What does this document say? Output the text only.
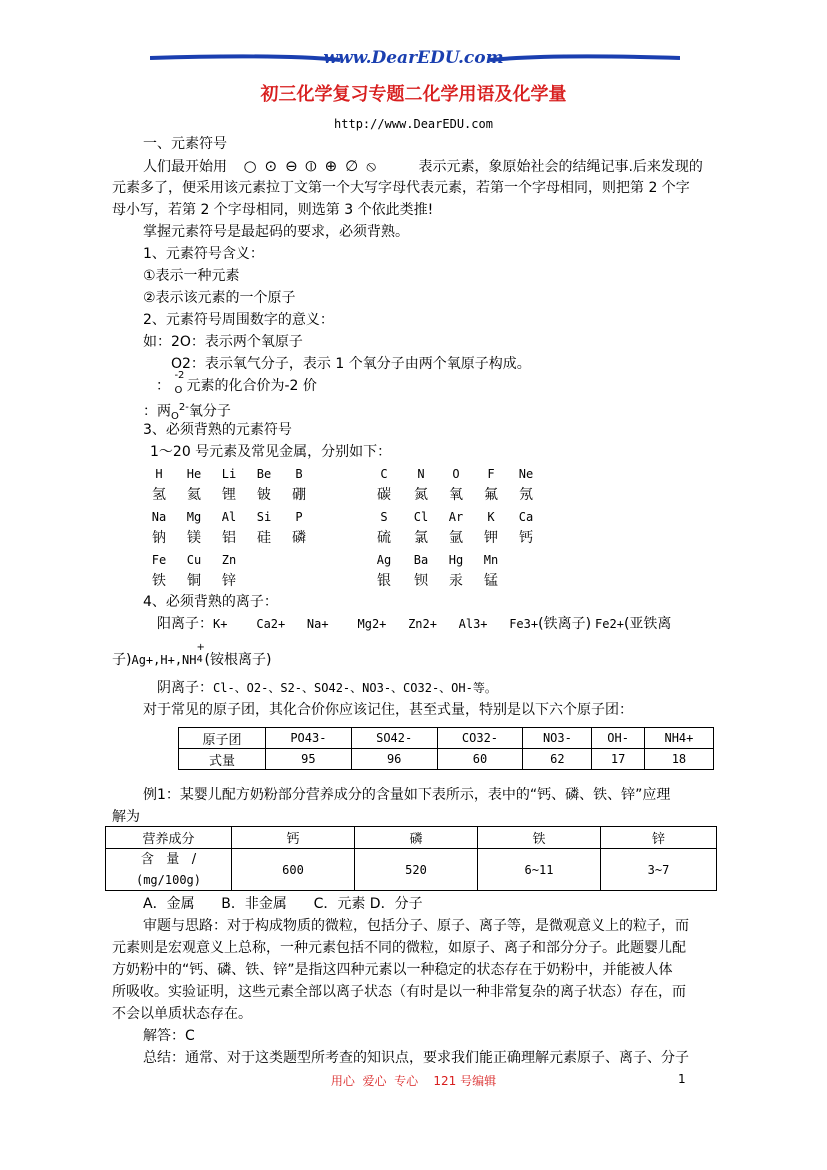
www.DearEDU.com
初三化学复习专题二化学用语及化学量
http://www.DearEDU.com
一、元素符号
人们最开始用 ○⊙⊖⦶⊕∅⦸ 表示元素，象原始社会的结绳记事.后来发现的
元素多了，便采用该元素拉丁文第一个大写字母代表元素，若第一个字母相同，则把第 2 个字
母小写，若第 2 个字母相同，则选第 3 个依此类推!
掌握元素符号是最起码的要求，必须背熟。
1、元素符号含义：
①表示一种元素
②表示该元素的一个原子
2、元素符号周围数字的意义：
如：2O：表示两个氧原子
O2：表示氧气分子，表示 1 个氧分子由两个氧原子构成。
：
-2
$_O$ 元素的化合价为-2 价
：两$_O^{2-}$氧分子
3、必须背熟的元素符号
1～20 号元素及常见金属，分别如下：
H	He	Li	Be	B	C	N	O	F	Ne
氢	氦	锂	铍	硼	碳	氮	氧	氟	氖
Na	Mg	Al	Si	P	S	Cl	Ar	K	Ca
钠	镁	铝	硅	磷	硫	氯	氩	钾	钙
Fe	Cu	Zn	Ag	Ba	Hg	Mn
铁	铜	锌	银	钡	汞	锰
4、必须背熟的离子：
阳离子：K+    Ca2+   Na+    Mg2+   Zn2+   Al3+   Fe3+(铁离子) Fe2+(亚铁离
子)Ag+,H+,NH
+
4 (铵根离子)
阴离子：Cl-、O2-、S2-、SO42-、NO3-、CO32-、OH-等。
对于常见的原子团，其化合价你应该记住，甚至式量，特别是以下六个原子团：
原子团	PO43-	SO42-	CO32-	NO3-	OH-	NH4+
式量	95	96	60	62	17	18
例1：某婴儿配方奶粉部分营养成分的含量如下表所示，表中的“钙、磷、铁、锌”应理
解为
营养成分	钙	磷	铁	锌

含   量   /
(mg/100g)	600	520	6~11	3~7
A．金属      B．非金属      C．元素 D．分子
审题与思路：对于构成物质的微粒，包括分子、原子、离子等，是微观意义上的粒子，而
元素则是宏观意义上总称，一种元素包括不同的微粒，如原子、离子和部分分子。此题婴儿配
方奶粉中的“钙、磷、铁、锌”是指这四种元素以一种稳定的状态存在于奶粉中，并能被人体
所吸收。实验证明，这些元素全部以离子状态（有时是以一种非常复杂的离子状态）存在，而
不会以单质状态存在。
解答：C
总结：通常、对于这类题型所考查的知识点，要求我们能正确理解元素原子、离子、分子
用心  爱心  专心    121 号编辑	1
